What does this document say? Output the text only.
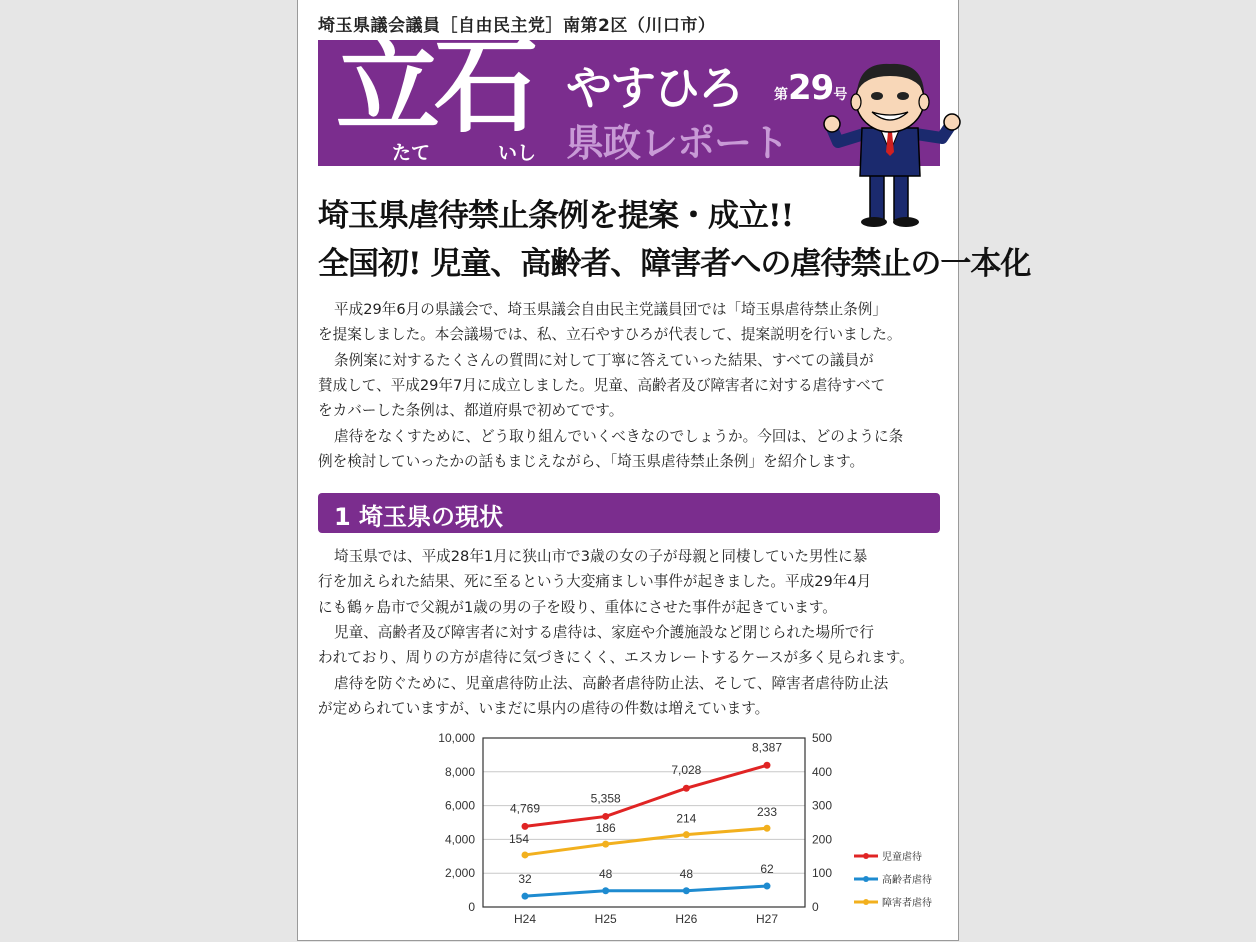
埼玉県議会議員［自由民主党］南第2区（川口市）
立石
たて	いし
やすひろ 第29号
県政レポート
埼玉県虐待禁止条例を提案・成立!!
全国初! 児童、高齢者、障害者への虐待禁止の一本化

平成29年6月の県議会で、埼玉県議会自由民主党議員団では「埼玉県虐待禁止条例」
を提案しました。本会議場では、私、立石やすひろが代表して、提案説明を行いました。

条例案に対するたくさんの質問に対して丁寧に答えていった結果、すべての議員が
賛成して、平成29年7月に成立しました。児童、高齢者及び障害者に対する虐待すべて
をカバーした条例は、都道府県で初めてです。

虐待をなくすために、どう取り組んでいくべきなのでしょうか。今回は、どのように条
例を検討していったかの話もまじえながら、「埼玉県虐待禁止条例」を紹介します。

1 埼玉県の現状

埼玉県では、平成28年1月に狭山市で3歳の女の子が母親と同棲していた男性に暴
行を加えられた結果、死に至るという大変痛ましい事件が起きました。平成29年4月
にも鶴ヶ島市で父親が1歳の男の子を殴り、重体にさせた事件が起きています。

児童、高齢者及び障害者に対する虐待は、家庭や介護施設など閉じられた場所で行
われており、周りの方が虐待に気づきにくく、エスカレートするケースが多く見られます。

虐待を防ぐために、児童虐待防止法、高齢者虐待防止法、そして、障害者虐待防止法
が定められていますが、いまだに県内の虐待の件数は増えています。

0
2,000
4,000
6,000
8,000
10,000
0
100
200
300
400
500
H24	H25	H26	H27
4,769
5,358
7,028
8,387
児童虐待
32	48	48	62
高齢者虐待
154
186
214	233
障害者虐待
